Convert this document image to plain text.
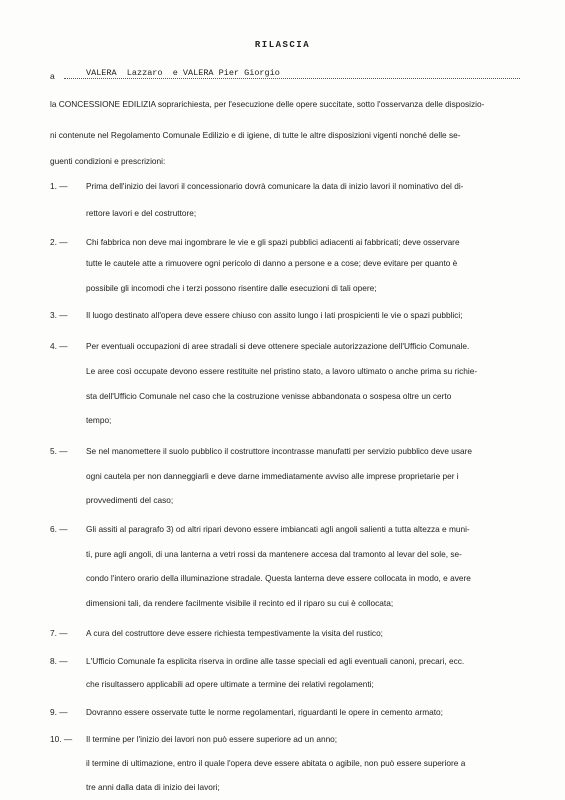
RILASCIA
a	VALERA  Lazzaro  e VALERA Pier Giorgio
la CONCESSIONE EDILIZIA soprarichiesta, per l'esecuzione delle opere succitate, sotto l'osservanza delle disposizio-
ni contenute nel Regolamento Comunale Edilizio e di igiene, di tutte le altre disposizioni vigenti nonché delle se-
guenti condizioni e prescrizioni:
1. — Prima dell'inizio dei lavori il concessionario dovrà comunicare la data di inizio lavori il nominativo del di-
rettore lavori e del costruttore;
2. — Chi fabbrica non deve mai ingombrare le vie e gli spazi pubblici adiacenti ai fabbricati; deve osservare
tutte le cautele atte a rimuovere ogni pericolo di danno a persone e a cose; deve evitare per quanto è
possibile gli incomodi che i terzi possono risentire dalle esecuzioni di tali opere;
3. — Il luogo destinato all'opera deve essere chiuso con assito lungo i lati prospicienti le vie o spazi pubblici;
4. — Per eventuali occupazioni di aree stradali si deve ottenere speciale autorizzazione dell'Ufficio Comunale.
Le aree così occupate devono essere restituite nel pristino stato, a lavoro ultimato o anche prima su richie-
sta dell'Ufficio Comunale nel caso che la costruzione venisse abbandonata o sospesa oltre un certo
tempo;
5. — Se nel manomettere il suolo pubblico il costruttore incontrasse manufatti per servizio pubblico deve usare
ogni cautela per non danneggiarli e deve darne immediatamente avviso alle imprese proprietarie per i
provvedimenti del caso;
6. — Gli assiti al paragrafo 3) od altri ripari devono essere imbiancati agli angoli salienti a tutta altezza e muni-
ti, pure agli angoli, di una lanterna a vetri rossi da mantenere accesa dal tramonto al levar del sole, se-
condo l'intero orario della illuminazione stradale. Questa lanterna deve essere collocata in modo, e avere
dimensioni tali, da rendere facilmente visibile il recinto ed il riparo su cui è collocata;
7. — A cura del costruttore deve essere richiesta tempestivamente la visita del rustico;
8. — L'Ufficio Comunale fa esplicita riserva in ordine alle tasse speciali ed agli eventuali canoni, precari, ecc.
che risultassero applicabili ad opere ultimate a termine dei relativi regolamenti;
9. — Dovranno essere osservate tutte le norme regolamentari, riguardanti le opere in cemento armato;
10. — Il termine per l'inizio dei lavori non può essere superiore ad un anno;
il termine di ultimazione, entro il quale l'opera deve essere abitata o agibile, non può essere superiore a
tre anni dalla data di inizio dei lavori;
